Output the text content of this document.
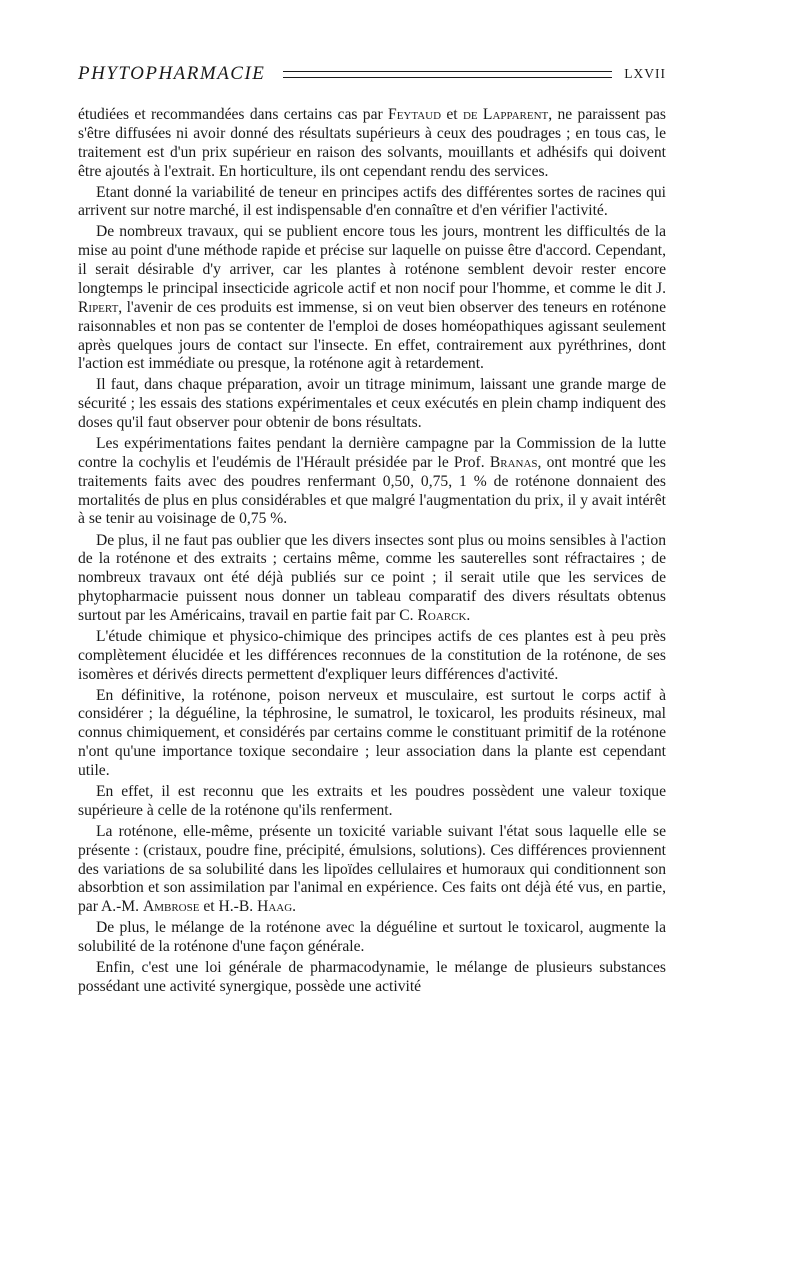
PHYTOPHARMACIE	LXVII

étudiées et recommandées dans certains cas par Feytaud et de Lapparent, ne paraissent pas s'être diffusées ni avoir donné des résultats supérieurs à ceux des poudrages ; en tous cas, le traitement est d'un prix supérieur en raison des solvants, mouillants et adhésifs qui doivent être ajoutés à l'extrait. En horticulture, ils ont cependant rendu des services.

Etant donné la variabilité de teneur en principes actifs des différentes sortes de racines qui arrivent sur notre marché, il est indispensable d'en connaître et d'en vérifier l'activité.

De nombreux travaux, qui se publient encore tous les jours, montrent les difficultés de la mise au point d'une méthode rapide et précise sur laquelle on puisse être d'accord. Cependant, il serait désirable d'y arriver, car les plantes à roténone semblent devoir rester encore longtemps le principal insecticide agricole actif et non nocif pour l'homme, et comme le dit J. Ripert, l'avenir de ces produits est immense, si on veut bien observer des teneurs en roténone raisonnables et non pas se contenter de l'emploi de doses homéopathiques agissant seulement après quelques jours de contact sur l'insecte. En effet, contrairement aux pyréthrines, dont l'action est immédiate ou presque, la roténone agit à retardement.

Il faut, dans chaque préparation, avoir un titrage minimum, laissant une grande marge de sécurité ; les essais des stations expérimentales et ceux exécutés en plein champ indiquent des doses qu'il faut observer pour obtenir de bons résultats.

Les expérimentations faites pendant la dernière campagne par la Commission de la lutte contre la cochylis et l'eudémis de l'Hérault présidée par le Prof. Branas, ont montré que les traitements faits avec des poudres renfermant 0,50, 0,75, 1 % de roténone donnaient des mortalités de plus en plus considérables et que malgré l'augmentation du prix, il y avait intérêt à se tenir au voisinage de 0,75 %.

De plus, il ne faut pas oublier que les divers insectes sont plus ou moins sensibles à l'action de la roténone et des extraits ; certains même, comme les sauterelles sont réfractaires ; de nombreux travaux ont été déjà publiés sur ce point ; il serait utile que les services de phytopharmacie puissent nous donner un tableau comparatif des divers résultats obtenus surtout par les Américains, travail en partie fait par C. Roarck.

L'étude chimique et physico-chimique des principes actifs de ces plantes est à peu près complètement élucidée et les différences reconnues de la constitution de la roténone, de ses isomères et dérivés directs permettent d'expliquer leurs différences d'activité.

En définitive, la roténone, poison nerveux et musculaire, est surtout le corps actif à considérer ; la déguéline, la téphrosine, le sumatrol, le toxicarol, les produits résineux, mal connus chimiquement, et considérés par certains comme le constituant primitif de la roténone n'ont qu'une importance toxique secondaire ; leur association dans la plante est cependant utile.

En effet, il est reconnu que les extraits et les poudres possèdent une valeur toxique supérieure à celle de la roténone qu'ils renferment.

La roténone, elle-même, présente un toxicité variable suivant l'état sous laquelle elle se présente : (cristaux, poudre fine, précipité, émulsions, solutions). Ces différences proviennent des variations de sa solubilité dans les lipoïdes cellulaires et humoraux qui conditionnent son absorbtion et son assimilation par l'animal en expérience. Ces faits ont déjà été vus, en partie, par A.-M. Ambrose et H.-B. Haag.

De plus, le mélange de la roténone avec la déguéline et surtout le toxicarol, augmente la solubilité de la roténone d'une façon générale.

Enfin, c'est une loi générale de pharmacodynamie, le mélange de plusieurs substances possédant une activité synergique, possède une activité
